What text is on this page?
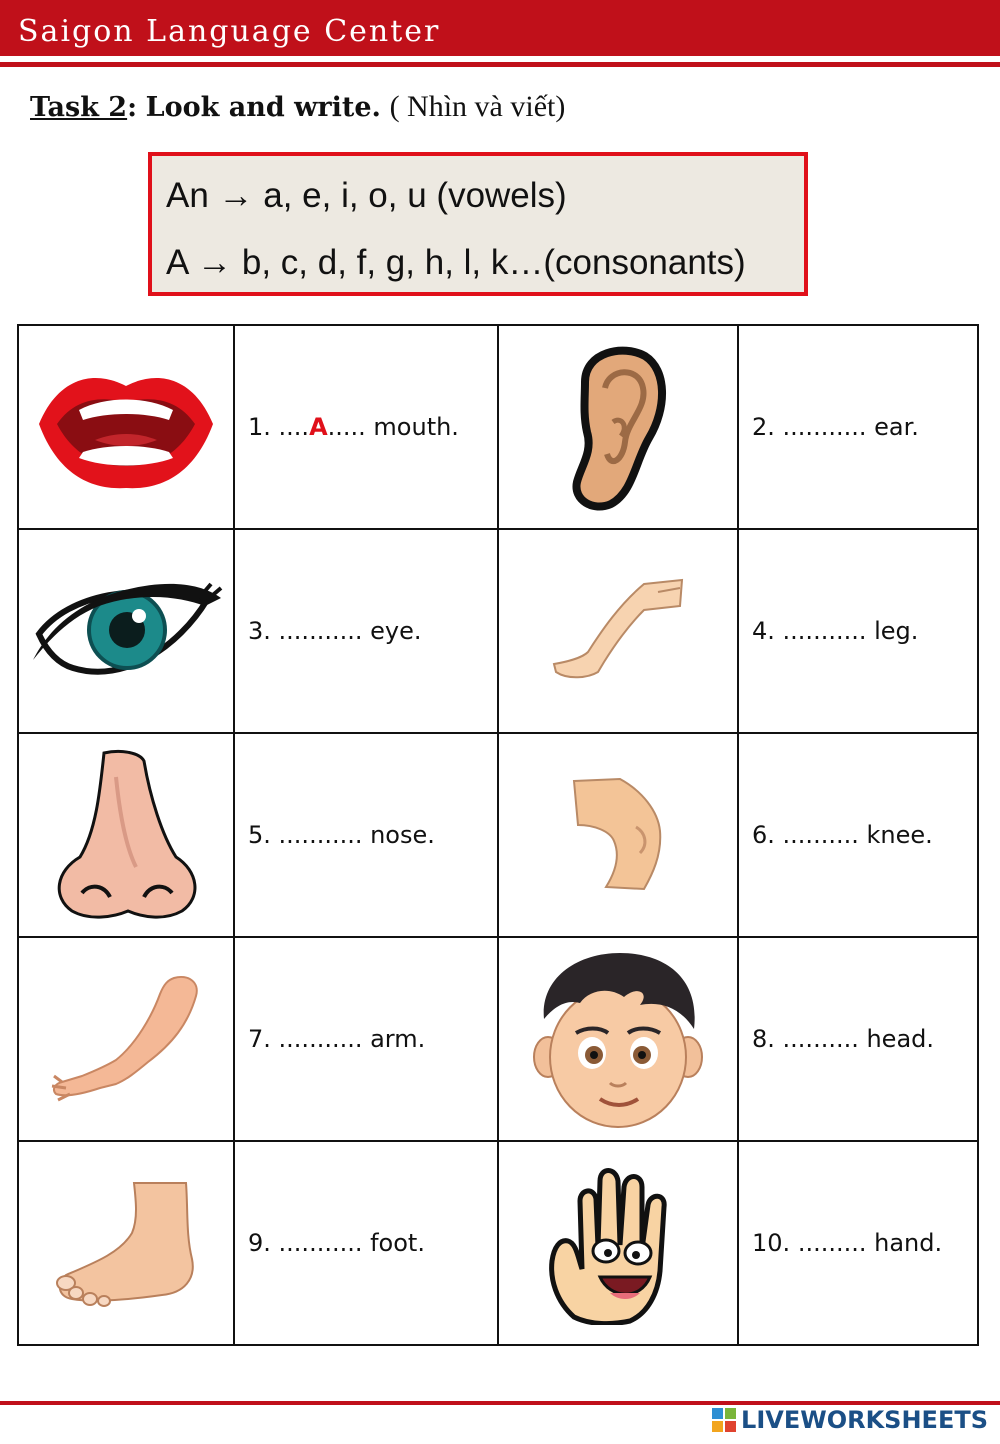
Saigon Language Center
Task 2: Look and write. ( Nhìn và viết)
An → a, e, i, o, u (vowels)
A → b, c, d, f, g, h, l, k…(consonants)
	1. ....A..... mouth.		2. ........... ear.
	3. ........... eye.		4. ........... leg.
	5. ........... nose.		6. .......... knee.
	7. ........... arm.		8. .......... head.
	9. ........... foot.		10. ......... hand.
LIVEWORKSHEETS
